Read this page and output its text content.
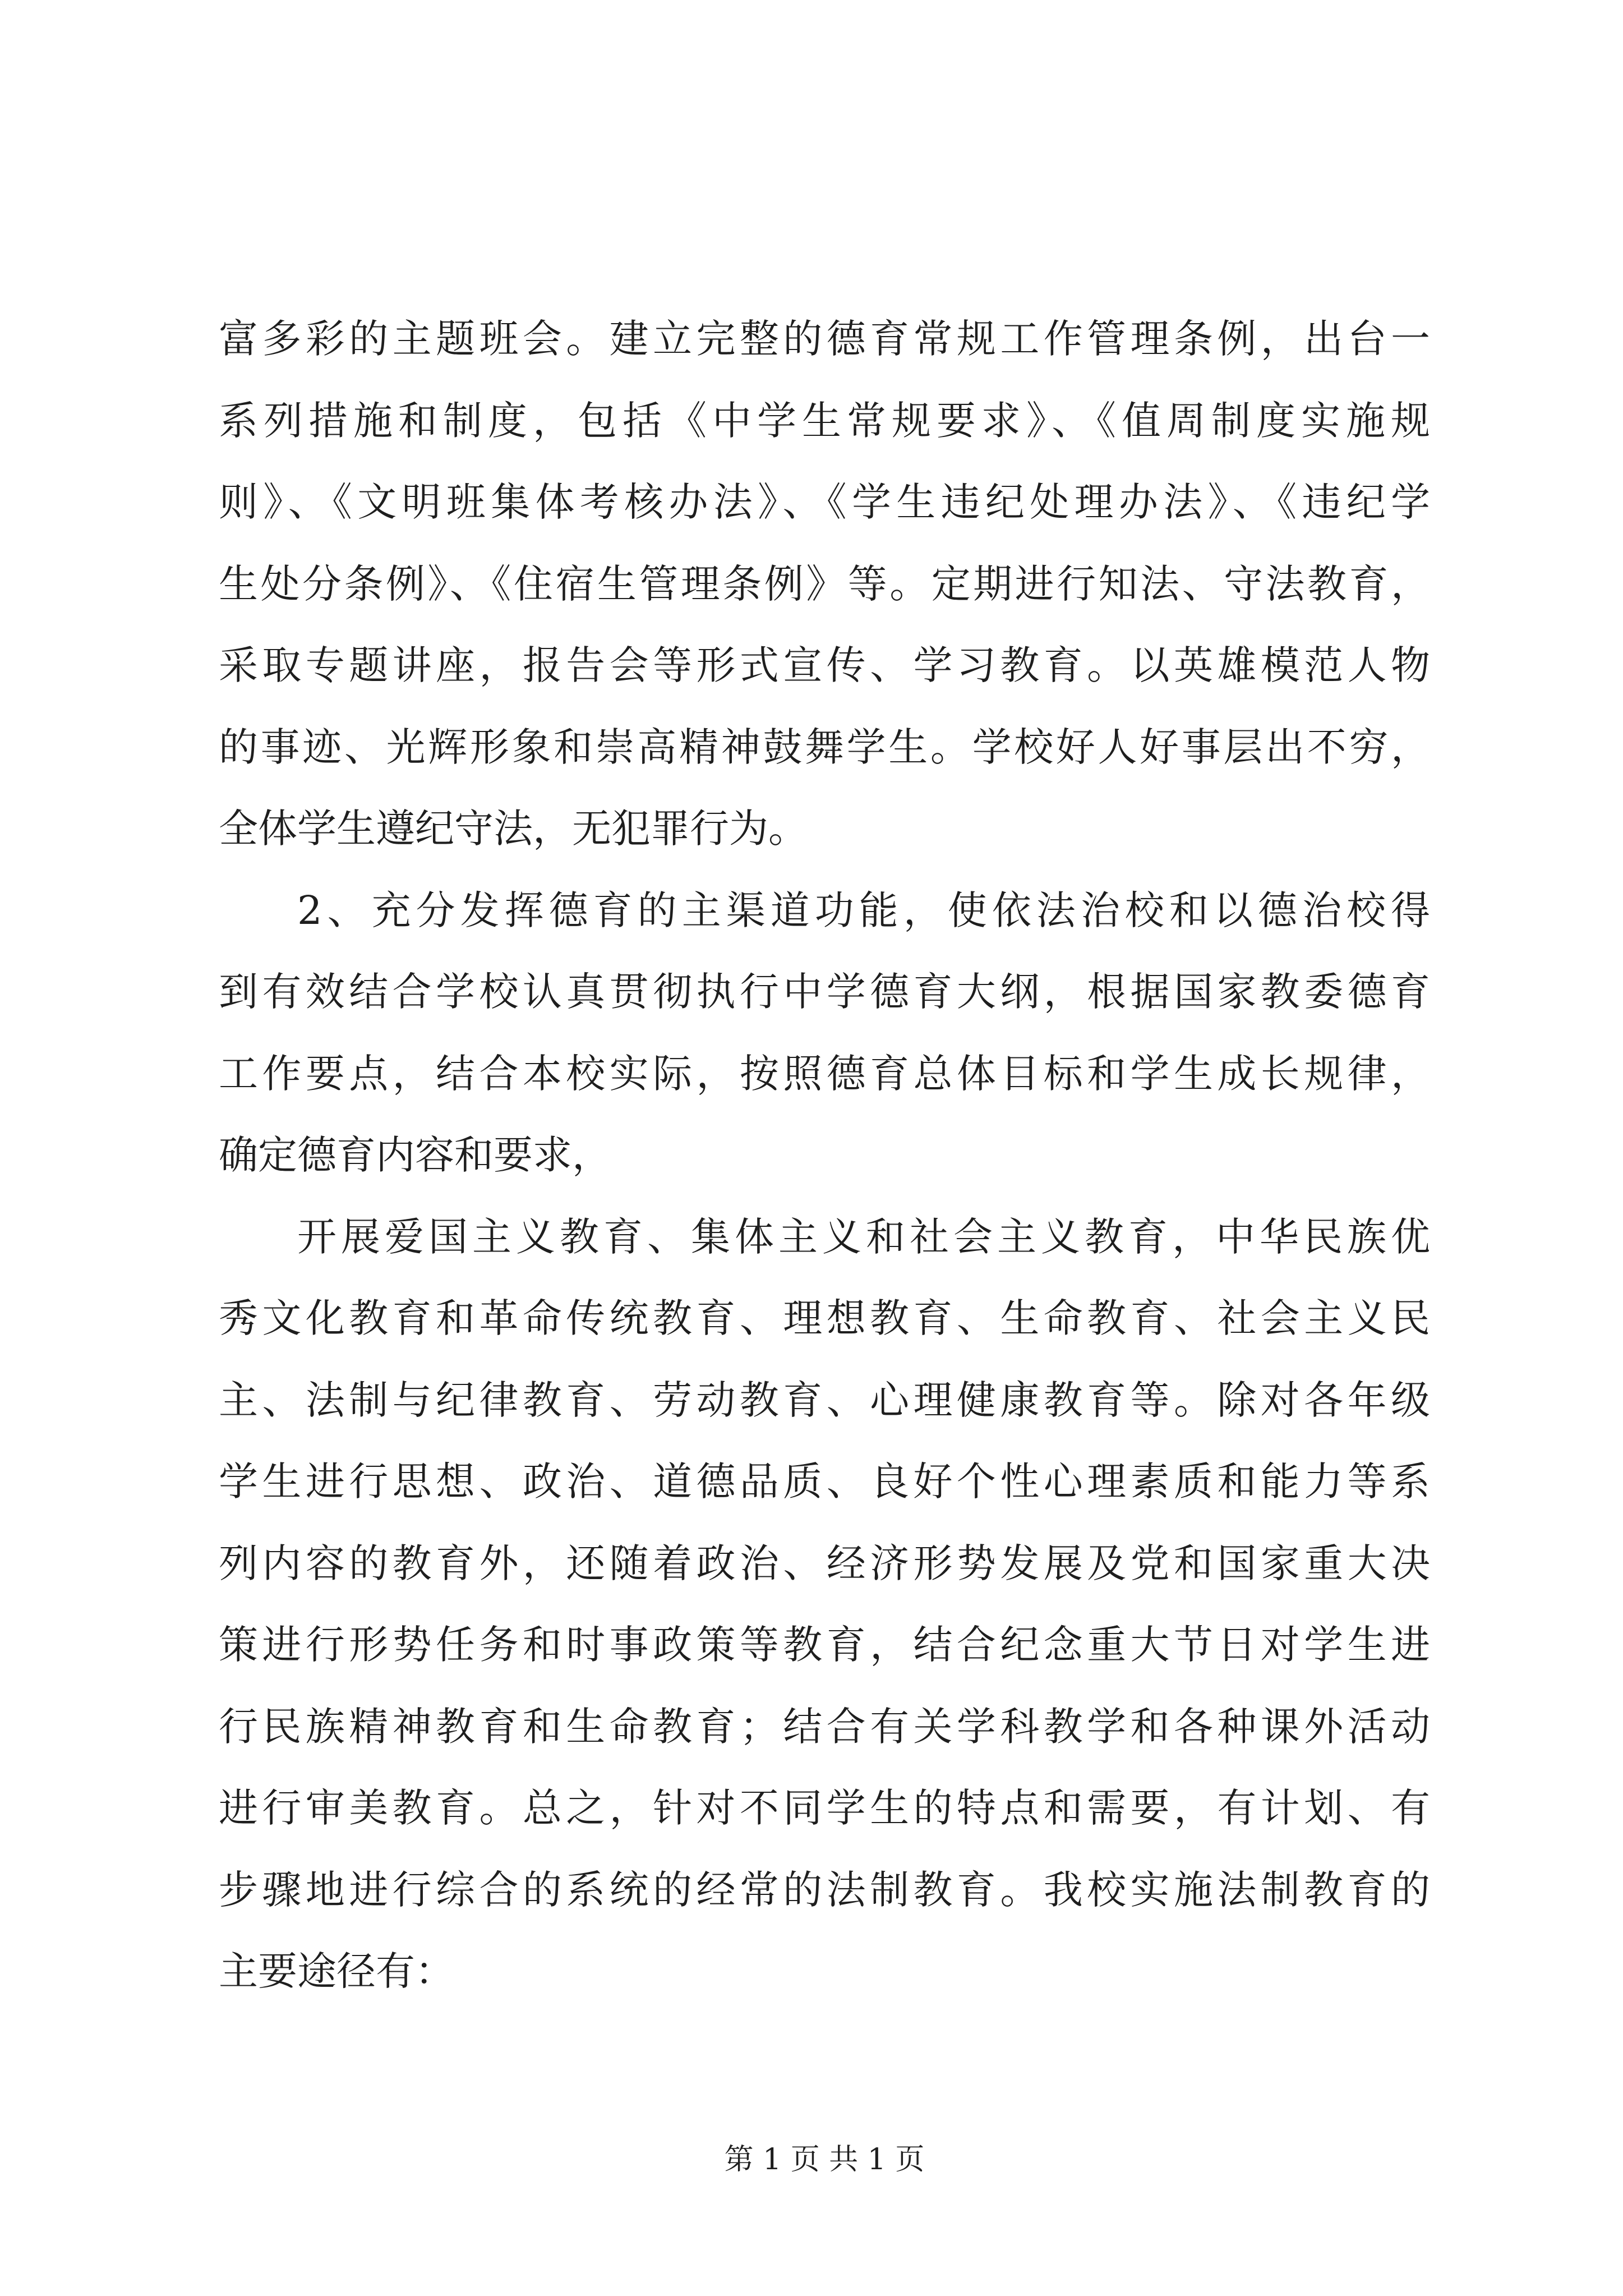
富多彩的主题班会。建立完整的德育常规工作管理条例，出台一
系列措施和制度，包括《中学生常规要求》、《值周制度实施规
则》、《文明班集体考核办法》、《学生违纪处理办法》、《违纪学
生处分条例》、《住宿生管理条例》等。定期进行知法、守法教育，
采取专题讲座，报告会等形式宣传、学习教育。以英雄模范人物
的事迹、光辉形象和崇高精神鼓舞学生。学校好人好事层出不穷，
全体学生遵纪守法，无犯罪行为。
2、充分发挥德育的主渠道功能，使依法治校和以德治校得
到有效结合学校认真贯彻执行中学德育大纲，根据国家教委德育
工作要点，结合本校实际，按照德育总体目标和学生成长规律，
确定德育内容和要求，
开展爱国主义教育、集体主义和社会主义教育，中华民族优
秀文化教育和革命传统教育、理想教育、生命教育、社会主义民
主、法制与纪律教育、劳动教育、心理健康教育等。除对各年级
学生进行思想、政治、道德品质、良好个性心理素质和能力等系
列内容的教育外，还随着政治、经济形势发展及党和国家重大决
策进行形势任务和时事政策等教育，结合纪念重大节日对学生进
行民族精神教育和生命教育；结合有关学科教学和各种课外活动
进行审美教育。总之，针对不同学生的特点和需要，有计划、有
步骤地进行综合的系统的经常的法制教育。我校实施法制教育的
主要途径有：
第 1 页 共 1 页
